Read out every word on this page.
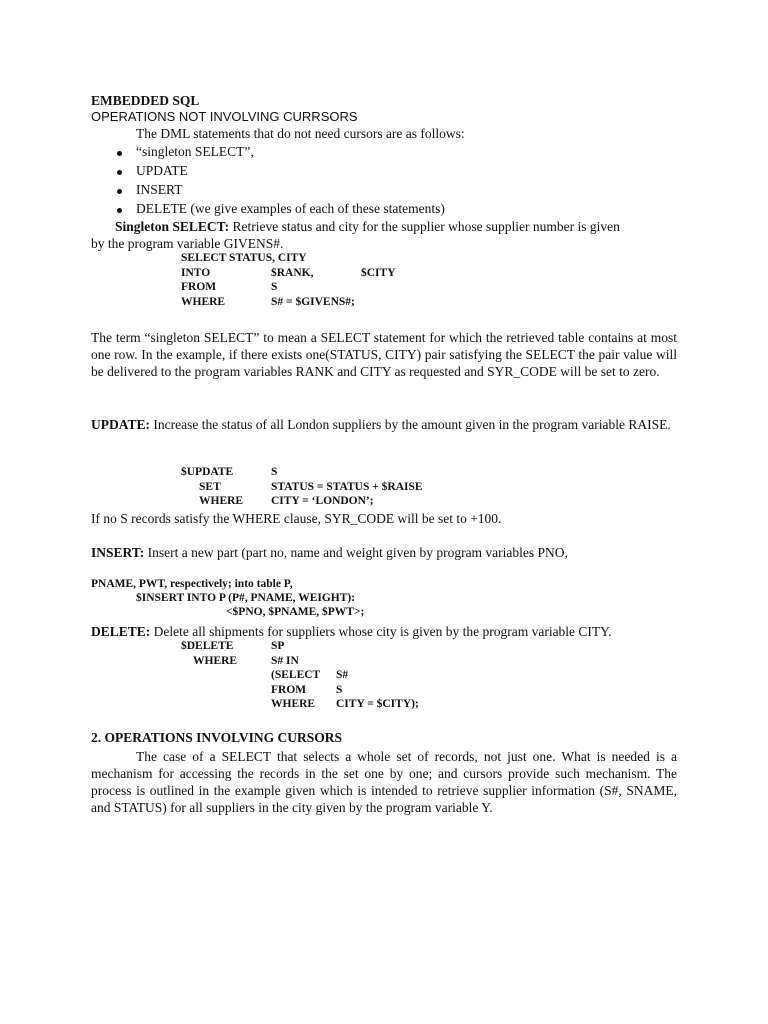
EMBEDDED SQL
OPERATIONS NOT INVOLVING CURRSORS
The DML statements that do not need cursors are as follows:
“singleton SELECT”,
UPDATE
INSERT
DELETE (we give examples of each of these statements)
Singleton SELECT: Retrieve status and city for the supplier whose supplier number is given
by the program variable GIVENS#.
SELECT STATUS, CITY
INTO	$RANK,	$CITY
FROM	S
WHERE	S# = $GIVENS#;
The term “singleton SELECT” to mean a SELECT statement for which the retrieved table contains at most one row. In the example, if there exists one(STATUS, CITY) pair satisfying the SELECT the pair value will be delivered to the program variables RANK and CITY as requested and SYR_CODE will be set to zero.
UPDATE: Increase the status of all London suppliers by the amount given in the program variable RAISE.
$UPDATE	S
SET	STATUS = STATUS + $RAISE
WHERE CITY = ‘LONDON’;
If no S records satisfy the WHERE clause, SYR_CODE will be set to +100.
INSERT: Insert a new part (part no, name and weight given by program variables PNO,
PNAME, PWT, respectively; into table P,
$INSERT INTO P (P#, PNAME, WEIGHT):
<$PNO, $PNAME, $PWT>;
DELETE: Delete all shipments for suppliers whose city is given by the program variable CITY.
$DELETE	SP
WHERE	S# IN
(SELECT S#
FROM	S
WHERE CITY = $CITY);
2. OPERATIONS INVOLVING CURSORS
The case of a SELECT that selects a whole set of records, not just one. What is needed is a mechanism for accessing the records in the set one by one; and cursors provide such mechanism. The process is outlined in the example given which is intended to retrieve supplier information (S#, SNAME, and STATUS) for all suppliers in the city given by the program variable Y.
